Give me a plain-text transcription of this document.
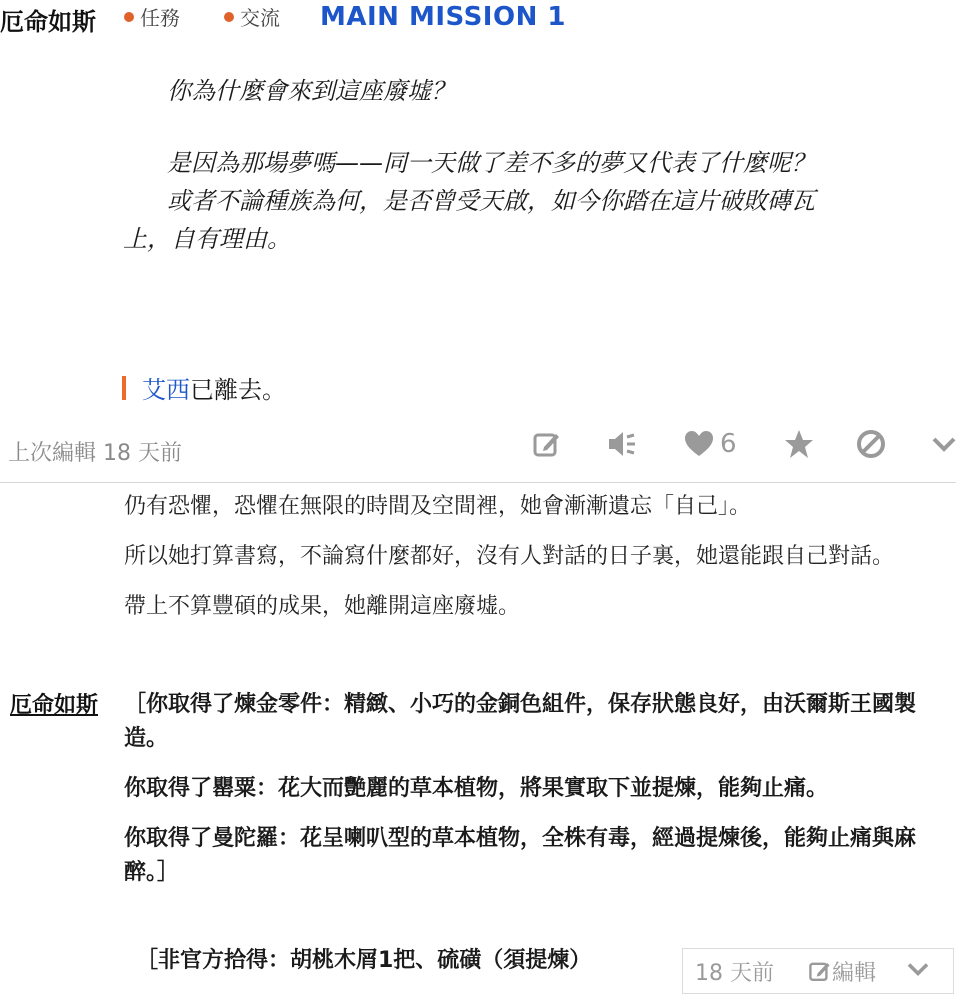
厄命如斯 任務	交流 MAIN MISSION 1

你為什麼會來到這座廢墟？

是因為那場夢嗎——同一天做了差不多的夢又代表了什麼呢？

或者不論種族為何，是否曾受天啟，如今你踏在這片破敗磚瓦

上，自有理由。

艾西 已離去。
上次編輯 18 天前	6

仍有恐懼，恐懼在無限的時間及空間裡，她會漸漸遺忘「自己」。

所以她打算書寫，不論寫什麼都好，沒有人對話的日子裏，她還能跟自己對話。

帶上不算豐碩的成果，她離開這座廢墟。

厄命如斯 ［你取得了煉金零件：精緻、小巧的金銅色組件，保存狀態良好，由沃爾斯王國製造。

你取得了罌粟：花大而艷麗的草本植物，將果實取下並提煉，能夠止痛。

你取得了曼陀羅：花呈喇叭型的草本植物，全株有毒，經過提煉後，能夠止痛與麻醉。］

［非官方拾得：胡桃木屑1把、硫磺（須提煉）	18 天前	編輯
